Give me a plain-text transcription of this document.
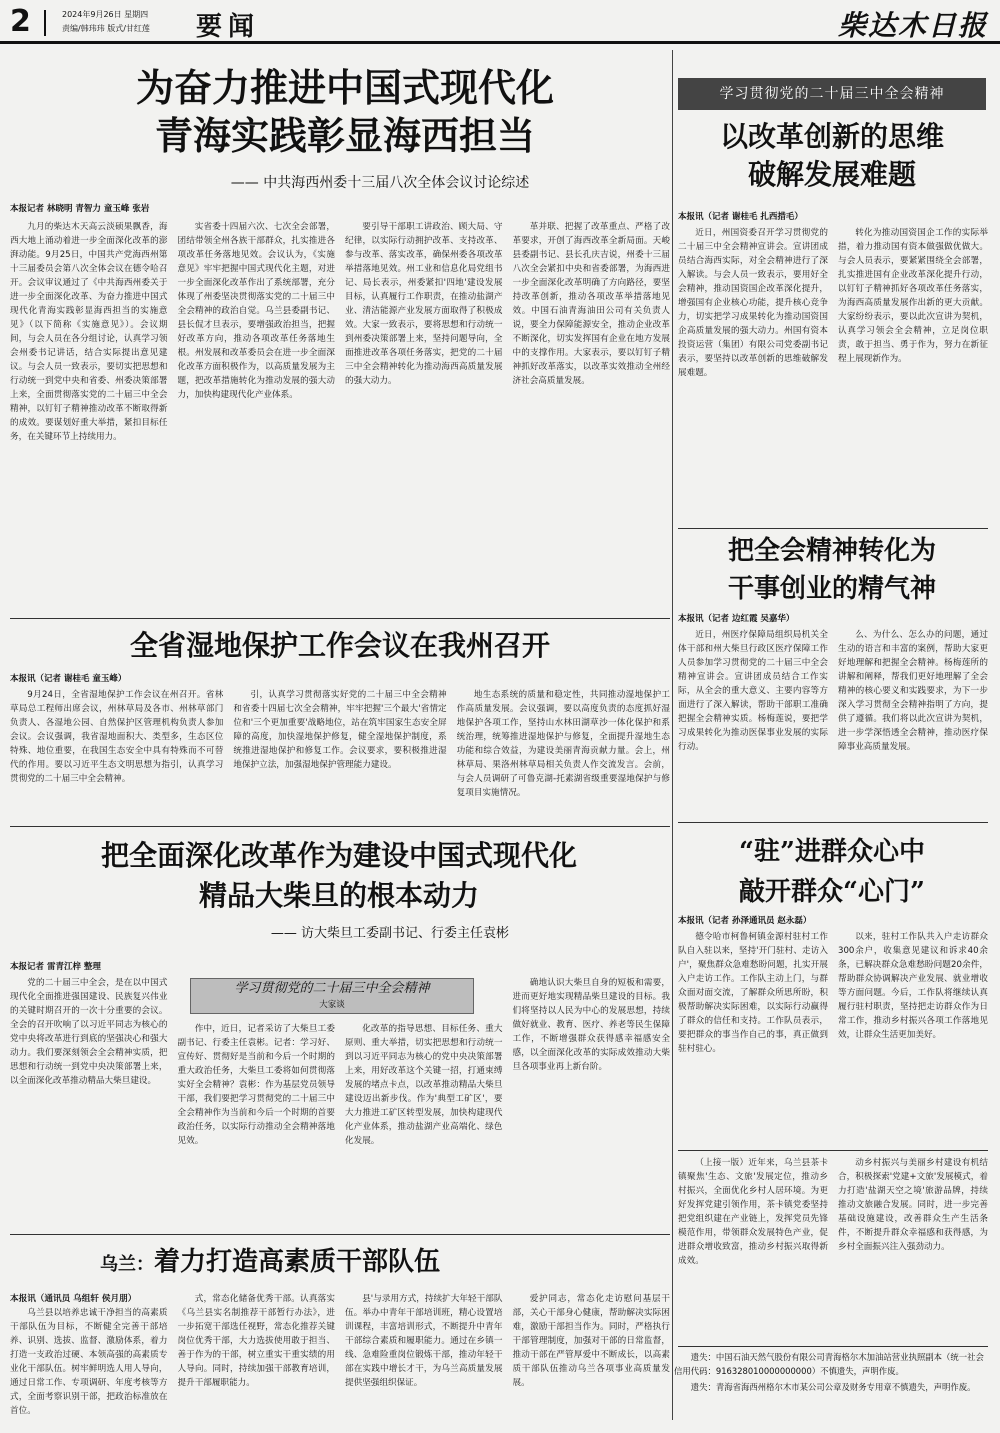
2	2024年9月26日 星期四
责编/韩玮玮 版式/甘红莲 要闻	柴达木日报
为奋力推进中国式现代化
青海实践彰显海西担当
—— 中共海西州委十三届八次全体会议讨论综述
本报记者 林晓明 青智力 童玉峰 张岩

九月的柴达木天高云淡硕果飘香，海西大地上涌动着进一步全面深化改革的澎湃动能。9月25日，中国共产党海西州第十三届委员会第八次全体会议在德令哈召开。会议审议通过了《中共海西州委关于进一步全面深化改革、为奋力推进中国式现代化青海实践彰显海西担当的实施意见》（以下简称《实施意见》）。会议期间，与会人员在各分组讨论，认真学习领会州委书记讲话，结合实际提出意见建议。与会人员一致表示，要切实把思想和行动统一到党中央和省委、州委决策部署上来，全面贯彻落实党的二十届三中全会精神，以钉钉子精神推动改革不断取得新的成效。要谋划好重大举措，紧扣目标任务，在关键环节上持续用力。

实省委十四届六次、七次全会部署，团结带领全州各族干部群众，扎实推进各项改革任务落地见效。会议认为，《实施意见》牢牢把握中国式现代化主题，对进一步全面深化改革作出了系统部署，充分体现了州委坚决贯彻落实党的二十届三中全会精神的政治自觉。乌兰县委副书记、县长侃才旦表示，要增强政治担当，把握好改革方向，推动各项改革任务落地生根。州发展和改革委员会在进一步全面深化改革方面积极作为，以高质量发展为主题，把改革措施转化为推动发展的强大动力，加快构建现代化产业体系。

要引导干部职工讲政治、顾大局、守纪律，以实际行动拥护改革、支持改革、参与改革、落实改革，确保州委各项改革举措落地见效。州工业和信息化局党组书记、局长表示，州委紧扣'四地'建设发展目标，认真履行工作职责，在推动盐湖产业、清洁能源产业发展方面取得了积极成效。大家一致表示，要将思想和行动统一到州委决策部署上来，坚持问题导向，全面推进改革各项任务落实，把党的二十届三中全会精神转化为推动海西高质量发展的强大动力。

革并联、把握了改革重点、严格了改革要求，开创了海西改革全新局面。天峻县委副书记、县长孔庆吉说，州委十三届八次全会紧扣中央和省委部署，为海西进一步全面深化改革明确了方向路径，要坚持改革创新，推动各项改革举措落地见效。中国石油青海油田公司有关负责人说，要全力保障能源安全，推动企业改革不断深化，切实发挥国有企业在地方发展中的支撑作用。大家表示，要以钉钉子精神抓好改革落实，以改革实效推动全州经济社会高质量发展。

学习贯彻党的二十届三中全会精神
以改革创新的思维
破解发展难题
本报讯（记者 谢桂毛 扎西措毛）

近日，州国资委召开学习贯彻党的二十届三中全会精神宣讲会。宣讲团成员结合海西实际，对全会精神进行了深入解读。与会人员一致表示，要用好全会精神，推动国资国企改革深化提升，增强国有企业核心功能，提升核心竞争力，切实把学习成果转化为推动国资国企高质量发展的强大动力。州国有资本投资运营（集团）有限公司党委副书记表示，要坚持以改革创新的思维破解发展难题。

转化为推动国资国企工作的实际举措，着力推动国有资本做强做优做大。与会人员表示，要紧紧围绕全会部署，扎实推进国有企业改革深化提升行动，以钉钉子精神抓好各项改革任务落实，为海西高质量发展作出新的更大贡献。大家纷纷表示，要以此次宣讲为契机，认真学习领会全会精神，立足岗位职责，敢于担当、勇于作为，努力在新征程上展现新作为。

把全会精神转化为
干事创业的精气神
本报讯（记者 边红霞 吴嘉华）

近日，州医疗保障局组织局机关全体干部和州大柴旦行政区医疗保障工作人员参加学习贯彻党的二十届三中全会精神宣讲会。宣讲团成员结合工作实际，从全会的重大意义、主要内容等方面进行了深入解读，帮助干部职工准确把握全会精神实质。杨梅莲说，要把学习成果转化为推动医保事业发展的实际行动。

么、为什么、怎么办的问题，通过生动的语言和丰富的案例，帮助大家更好地理解和把握全会精神。杨梅莲所的讲解和阐释，帮我们更好地理解了全会精神的核心要义和实践要求，为下一步深入学习贯彻全会精神指明了方向，提供了遵循。我们将以此次宣讲为契机，进一步学深悟透全会精神，推动医疗保障事业高质量发展。

全省湿地保护工作会议在我州召开
本报讯（记者 谢桂毛 童玉峰）

9月24日，全省湿地保护工作会议在州召开。省林草局总工程师出席会议，州林草局及各市、州林草部门负责人、各湿地公园、自然保护区管理机构负责人参加会议。会议强调，我省湿地面积大、类型多，生态区位特殊、地位重要，在我国生态安全中具有特殊而不可替代的作用。要以习近平生态文明思想为指引，认真学习贯彻党的二十届三中全会精神。

引，认真学习贯彻落实好党的二十届三中全会精神和省委十四届七次全会精神，牢牢把握'三个最大'省情定位和'三个更加重要'战略地位，站在筑牢国家生态安全屏障的高度，加快湿地保护修复，健全湿地保护制度，系统推进湿地保护和修复工作。会议要求，要积极推进湿地保护立法，加强湿地保护管理能力建设。

地生态系统的质量和稳定性，共同推动湿地保护工作高质量发展。会议强调，要以高度负责的态度抓好湿地保护各项工作，坚持山水林田湖草沙一体化保护和系统治理，统筹推进湿地保护与修复，全面提升湿地生态功能和综合效益，为建设美丽青海贡献力量。会上，州林草局、果洛州林草局相关负责人作交流发言。会前，与会人员调研了可鲁克湖-托素湖省级重要湿地保护与修复项目实施情况。

把全面深化改革作为建设中国式现代化
精品大柴旦的根本动力
—— 访大柴旦工委副书记、行委主任袁彬
本报记者 雷青江梓 整理
学习贯彻党的二十届三中全会精神
大家谈

党的二十届三中全会，是在以中国式现代化全面推进强国建设、民族复兴伟业的关键时期召开的一次十分重要的会议。全会的召开吹响了以习近平同志为核心的党中央将改革进行到底的坚强决心和强大动力。我们要深刻领会全会精神实质，把思想和行动统一到党中央决策部署上来，以全面深化改革推动精品大柴旦建设。

作中，近日，记者采访了大柴旦工委副书记、行委主任袁彬。记者：学习好、宣传好、贯彻好是当前和今后一个时期的重大政治任务，大柴旦工委将如何贯彻落实好全会精神？袁彬：作为基层党员领导干部，我们要把学习贯彻党的二十届三中全会精神作为当前和今后一个时期的首要政治任务，以实际行动推动全会精神落地见效。

化改革的指导思想、目标任务、重大原则、重大举措，切实把思想和行动统一到以习近平同志为核心的党中央决策部署上来，用好改革这个关键一招，打通束缚发展的堵点卡点，以改革推动精品大柴旦建设迈出新步伐。作为'典型工矿区'，要大力推进工矿区转型发展，加快构建现代化产业体系，推动盐湖产业高端化、绿色化发展。

确地认识大柴旦自身的短板和需要，进而更好地实现精品柴旦建设的目标。我们将坚持以人民为中心的发展思想，持续做好就业、教育、医疗、养老等民生保障工作，不断增强群众获得感幸福感安全感，以全面深化改革的实际成效推动大柴旦各项事业再上新台阶。

“驻”进群众心中
敲开群众“心门”
本报讯（记者 孙泽通讯员 赵永磊）

德令哈市柯鲁柯镇金源村驻村工作队自入驻以来，坚持'开门驻村、走访入户'，聚焦群众急难愁盼问题，扎实开展入户走访工作。工作队主动上门，与群众面对面交流，了解群众所思所盼，积极帮助解决实际困难，以实际行动赢得了群众的信任和支持。工作队员表示，要把群众的事当作自己的事，真正做到驻村驻心。

以来，驻村工作队共入户走访群众300余户，收集意见建议和诉求40余条，已解决群众急难愁盼问题20余件，帮助群众协调解决产业发展、就业增收等方面问题。今后，工作队将继续认真履行驻村职责，坚持把走访群众作为日常工作，推动乡村振兴各项工作落地见效，让群众生活更加美好。

（上接一版）近年来，乌兰县茶卡镇聚焦'生态、文旅'发展定位，推动乡村振兴，全面优化乡村人居环境。为更好发挥党建引领作用，茶卡镇党委坚持把党组织建在产业链上，发挥党员先锋模范作用，带领群众发展特色产业，促进群众增收致富，推动乡村振兴取得新成效。

动乡村振兴与美丽乡村建设有机结合，积极探索'党建+文旅'发展模式，着力打造'盐湖天空之境'旅游品牌，持续推动文旅融合发展。同时，进一步完善基础设施建设，改善群众生产生活条件，不断提升群众幸福感和获得感，为乡村全面振兴注入强劲动力。

乌兰：着力打造高素质干部队伍
本报讯（通讯员 乌组轩 侯月朋）

乌兰县以培养忠诚干净担当的高素质干部队伍为目标，不断健全完善干部培养、识别、选拔、监督、激励体系，着力打造一支政治过硬、本领高强的高素质专业化干部队伍。树牢鲜明选人用人导向，通过日常工作、专项调研、年度考核等方式，全面考察识别干部，把政治标准放在首位。

式，常态化储备优秀干部。认真落实《乌兰县实名制推荐干部暂行办法》，进一步拓宽干部选任视野，常态化推荐关键岗位优秀干部，大力选拔使用敢于担当、善于作为的干部，树立重实干重实绩的用人导向。同时，持续加强干部教育培训，提升干部履职能力。

县'与录用方式，持续扩大年轻干部队伍。举办中青年干部培训班，精心设置培训课程，丰富培训形式，不断提升中青年干部综合素质和履职能力。通过在乡镇一线、急难险重岗位锻炼干部，推动年轻干部在实践中增长才干，为乌兰高质量发展提供坚强组织保证。

爱护同志，常态化走访慰问基层干部，关心干部身心健康，帮助解决实际困难，激励干部担当作为。同时，严格执行干部管理制度，加强对干部的日常监督，推动干部在严管厚爱中不断成长，以高素质干部队伍推动乌兰各项事业高质量发展。

遗失：中国石油天然气股份有限公司青海格尔木加油站营业执照副本（统一社会信用代码：916328010000000000）不慎遗失，声明作废。

遗失：青海省海西州格尔木市某公司公章及财务专用章不慎遗失，声明作废。
